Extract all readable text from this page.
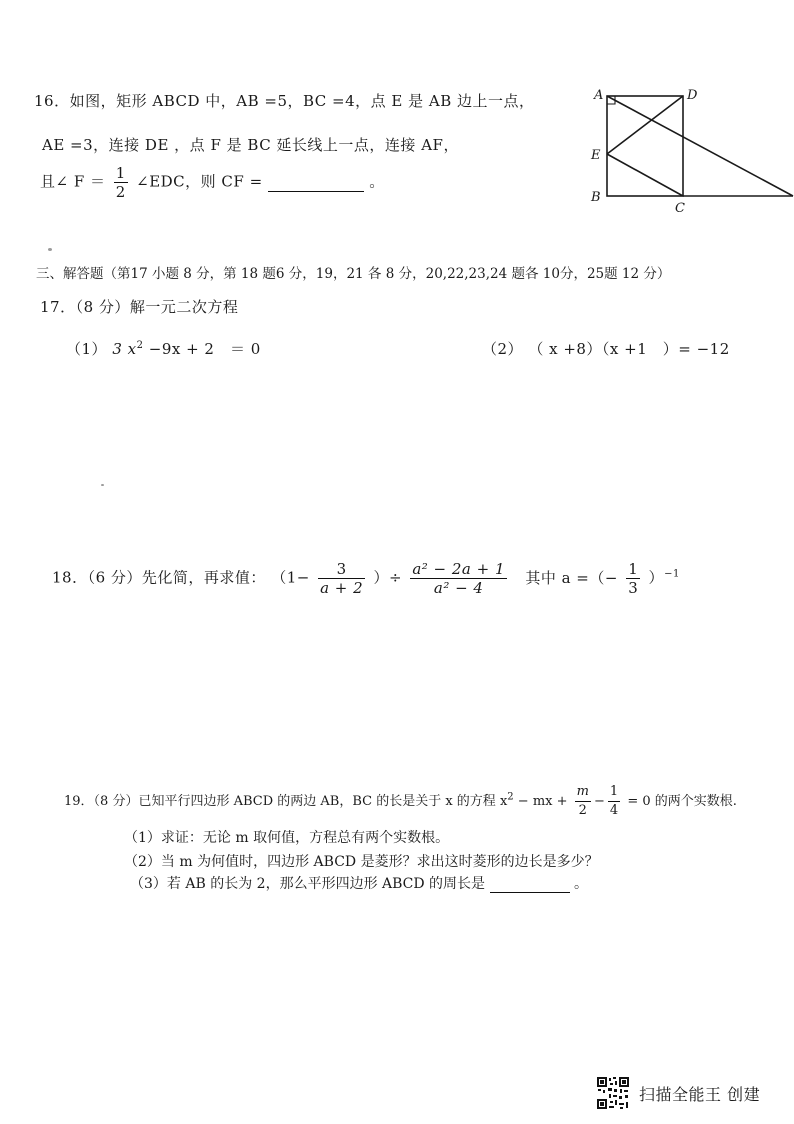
16．如图，矩形 ABCD 中，AB =5，BC =4，点 E 是 AB 边上一点，
AE =3，连接 DE ，点 F 是 BC 延长线上一点，连接 AF，
且∠ $F = \frac{1}{2}$ ∠EDC，则 CF =	。
A	D
E
B
C
三、解答题（第17 小题 8 分，第 18 题6 分，19，21 各 8 分，20,22,23,24 题各 10分，25题 12 分）
17．（8 分）解一元二次方程
（1） 3 $x^2 -9x + 2$　＝ 0	（2） （ x +8）（x +1　）= −12
18．（6 分）先化简，再求值： （$1- \frac{3}{a + 2}$ ）÷ $\frac{\text{a² − 2a + 1}}{\text{a² − 4}}$ 其中 a =（− $\frac{1}{3} )^{-1}$
19．（8 分）已知平行四边形 ABCD 的两边 AB，BC 的长是关于 x 的方程 $x^2$ − mx + $\frac{m}{2} - \frac{1}{4} = 0$ 的两个实数根.
（1）求证：无论 m 取何值，方程总有两个实数根。
（2）当 m 为何值时，四边形 ABCD 是菱形？求出这时菱形的边长是多少？
（3）若 AB 的长为 2，那么平形四边形 ABCD 的周长是	。
扫描全能王 创建
